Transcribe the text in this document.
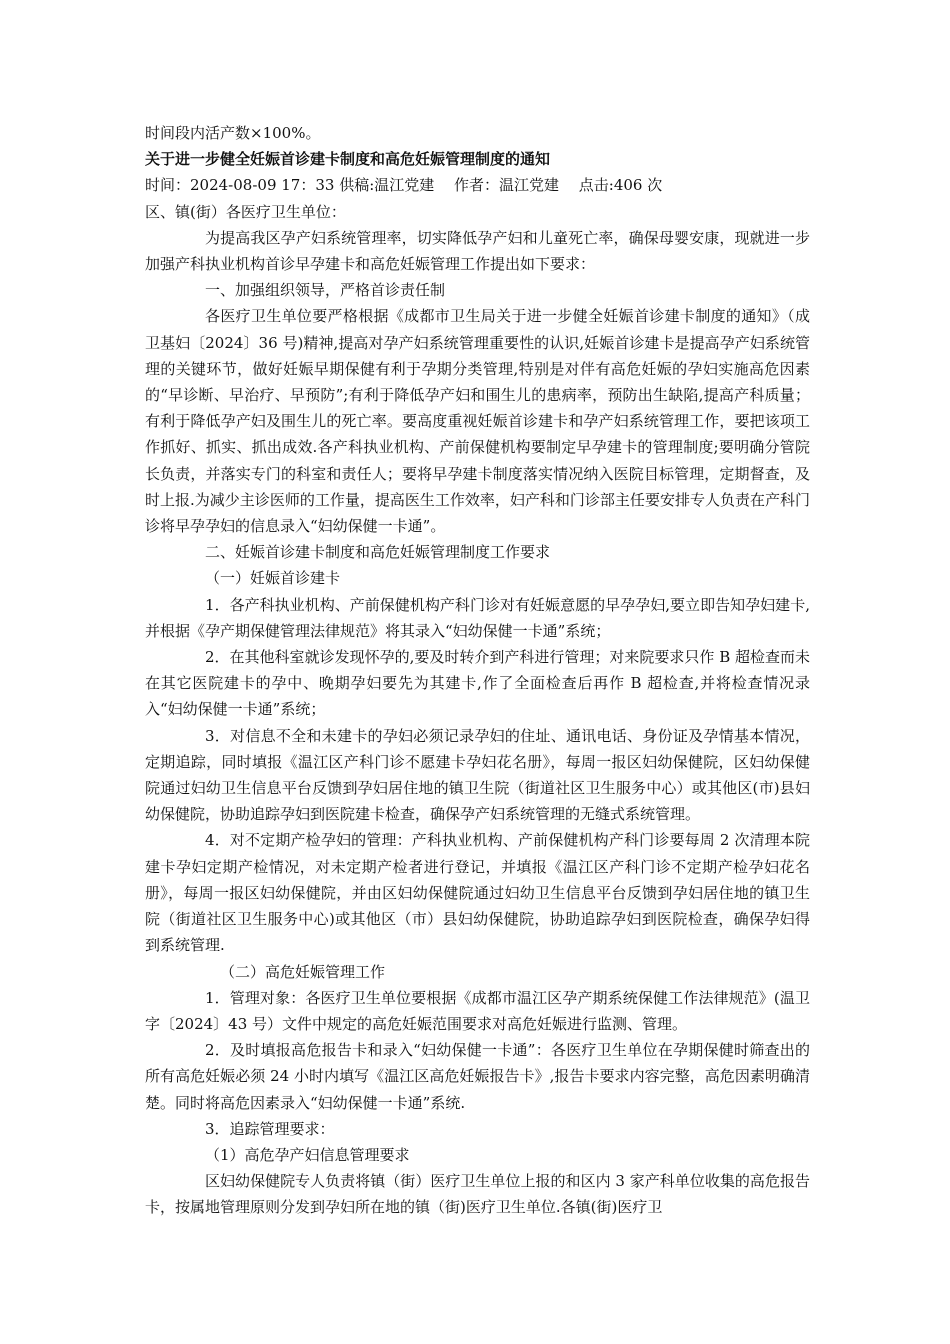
时间段内活产数×100%。
关于进一步健全妊娠首诊建卡制度和高危妊娠管理制度的通知
时间：2024-08-09 17：33 供稿:温江党建　 作者：温江党建　 点击:406 次
区、镇(街）各医疗卫生单位：
为提高我区孕产妇系统管理率，切实降低孕产妇和儿童死亡率，确保母婴安康，现就进一步加强产科执业机构首诊早孕建卡和高危妊娠管理工作提出如下要求：
一、加强组织领导，严格首诊责任制
各医疗卫生单位要严格根据《成都市卫生局关于进一步健全妊娠首诊建卡制度的通知》（成卫基妇〔2024〕36 号)精神,提高对孕产妇系统管理重要性的认识,妊娠首诊建卡是提高孕产妇系统管理的关键环节，做好妊娠早期保健有利于孕期分类管理,特别是对伴有高危妊娠的孕妇实施高危因素的“早诊断、早治疗、早预防”;有利于降低孕产妇和围生儿的患病率，预防出生缺陷,提高产科质量；有利于降低孕产妇及围生儿的死亡率。要高度重视妊娠首诊建卡和孕产妇系统管理工作，要把该项工作抓好、抓实、抓出成效.各产科执业机构、产前保健机构要制定早孕建卡的管理制度;要明确分管院长负责，并落实专门的科室和责任人；要将早孕建卡制度落实情况纳入医院目标管理，定期督查，及时上报.为减少主诊医师的工作量，提高医生工作效率，妇产科和门诊部主任要安排专人负责在产科门诊将早孕孕妇的信息录入“妇幼保健一卡通”。
二、妊娠首诊建卡制度和高危妊娠管理制度工作要求
（一）妊娠首诊建卡
1．各产科执业机构、产前保健机构产科门诊对有妊娠意愿的早孕孕妇,要立即告知孕妇建卡,并根据《孕产期保健管理法律规范》将其录入“妇幼保健一卡通”系统；
2．在其他科室就诊发现怀孕的,要及时转介到产科进行管理；对来院要求只作 B 超检查而未在其它医院建卡的孕中、晚期孕妇要先为其建卡,作了全面检查后再作 B 超检查,并将检查情况录入“妇幼保健一卡通”系统；
3．对信息不全和未建卡的孕妇必须记录孕妇的住址、通讯电话、身份证及孕情基本情况，定期追踪，同时填报《温江区产科门诊不愿建卡孕妇花名册》，每周一报区妇幼保健院，区妇幼保健院通过妇幼卫生信息平台反馈到孕妇居住地的镇卫生院（街道社区卫生服务中心）或其他区(市)县妇幼保健院，协助追踪孕妇到医院建卡检查，确保孕产妇系统管理的无缝式系统管理。
4．对不定期产检孕妇的管理：产科执业机构、产前保健机构产科门诊要每周 2 次清理本院建卡孕妇定期产检情况，对未定期产检者进行登记，并填报《温江区产科门诊不定期产检孕妇花名册》，每周一报区妇幼保健院，并由区妇幼保健院通过妇幼卫生信息平台反馈到孕妇居住地的镇卫生院（街道社区卫生服务中心)或其他区（市）县妇幼保健院，协助追踪孕妇到医院检查，确保孕妇得到系统管理.
（二）高危妊娠管理工作
1．管理对象：各医疗卫生单位要根据《成都市温江区孕产期系统保健工作法律规范》(温卫字〔2024〕43 号）文件中规定的高危妊娠范围要求对高危妊娠进行监测、管理。
2．及时填报高危报告卡和录入“妇幼保健一卡通”：各医疗卫生单位在孕期保健时筛查出的所有高危妊娠必须 24 小时内填写《温江区高危妊娠报告卡》,报告卡要求内容完整，高危因素明确清楚。同时将高危因素录入“妇幼保健一卡通”系统.
3．追踪管理要求：
（1）高危孕产妇信息管理要求
区妇幼保健院专人负责将镇（街）医疗卫生单位上报的和区内 3 家产科单位收集的高危报告卡，按属地管理原则分发到孕妇所在地的镇（街)医疗卫生单位.各镇(街)医疗卫
